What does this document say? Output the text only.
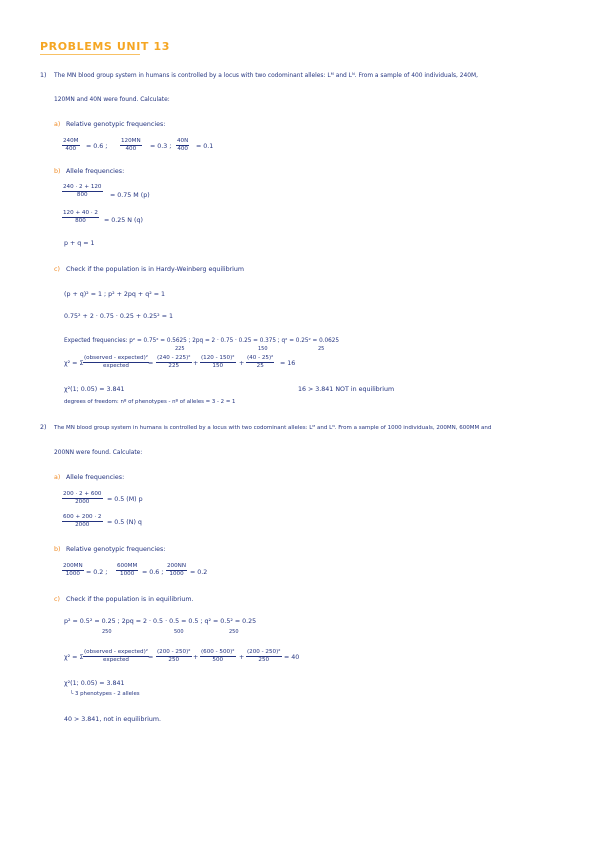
PROBLEMS UNIT 13
1) The MN blood group system in humans is controlled by a locus with two codominant alleles: Lᴹ and Lᴺ. From a sample of 400 individuals, 240M,
120MN and 40N were found. Calculate:
a) Relative genotypic frequencies:
$\frac{240M}{400} = 0.6$ ; $\frac{120MN}{400} = 0.3$ ; $\frac{40N}{400} = 0.1$
b) Allele frequencies:
$\frac{240 \cdot 2 + 120}{800} = 0.75$ M (p)
$\frac{120 + 40 \cdot 2}{800} = 0.25$ N (q)
p + q = 1
c) Check if the population is in Hardy-Weinberg equilibrium
(p + q)² = 1 ; p² + 2pq + q² = 1
0.75² + 2 · 0.75 · 0.25 + 0.25² = 1
Expected frequencies: p² = 0.75² = 0.5625 ; 2pq = 2 · 0.75 · 0.25 = 0.375 ; q² = 0.25² = 0.0625
225	150	25
χ² = Σ
(observed - expected)²
expected	= $\frac{\text{(240 - 225)²}}{225} + \frac{\text{(120 - 150)²}}{150} + \frac{\text{(40 - 25)²}}{25} = 16$
χ²(1; 0.05) = 3.841	16 > 3.841 NOT in equilibrium
degrees of freedom: nº of phenotypes - nº of alleles = 3 - 2 = 1
2) The MN blood group system in humans is controlled by a locus with two codominant alleles: Lᴹ and Lᴺ. From a sample of 1000 individuals, 200MN, 600MM and
200NN were found. Calculate:
a) Allele frequencies:
$\frac{200 \cdot 2 + 600}{2000} = 0.5$ (M) p
$\frac{600 + 200 \cdot 2}{2000} = 0.5$ (N) q
b) Relative genotypic frequencies:
$\frac{200MN}{1000} = 0.2$ ; $\frac{600MM}{1000} = 0.6$ ; $\frac{200NN}{1000} = 0.2$
c) Check if the population is in equilibrium.
p² = 0.5² = 0.25 ; 2pq = 2 · 0.5 · 0.5 = 0.5 ; q² = 0.5² = 0.25
250	500	250
χ² = Σ
(observed - expected)²
expected	= $\frac{\text{(200 - 250)²}}{250} + \frac{\text{(600 - 500)²}}{500} + \frac{\text{(200 - 250)²}}{250} = 40$
χ²(1; 0.05) = 3.841
└ 3 phenotypes - 2 alleles
40 > 3.841, not in equilibrium.
